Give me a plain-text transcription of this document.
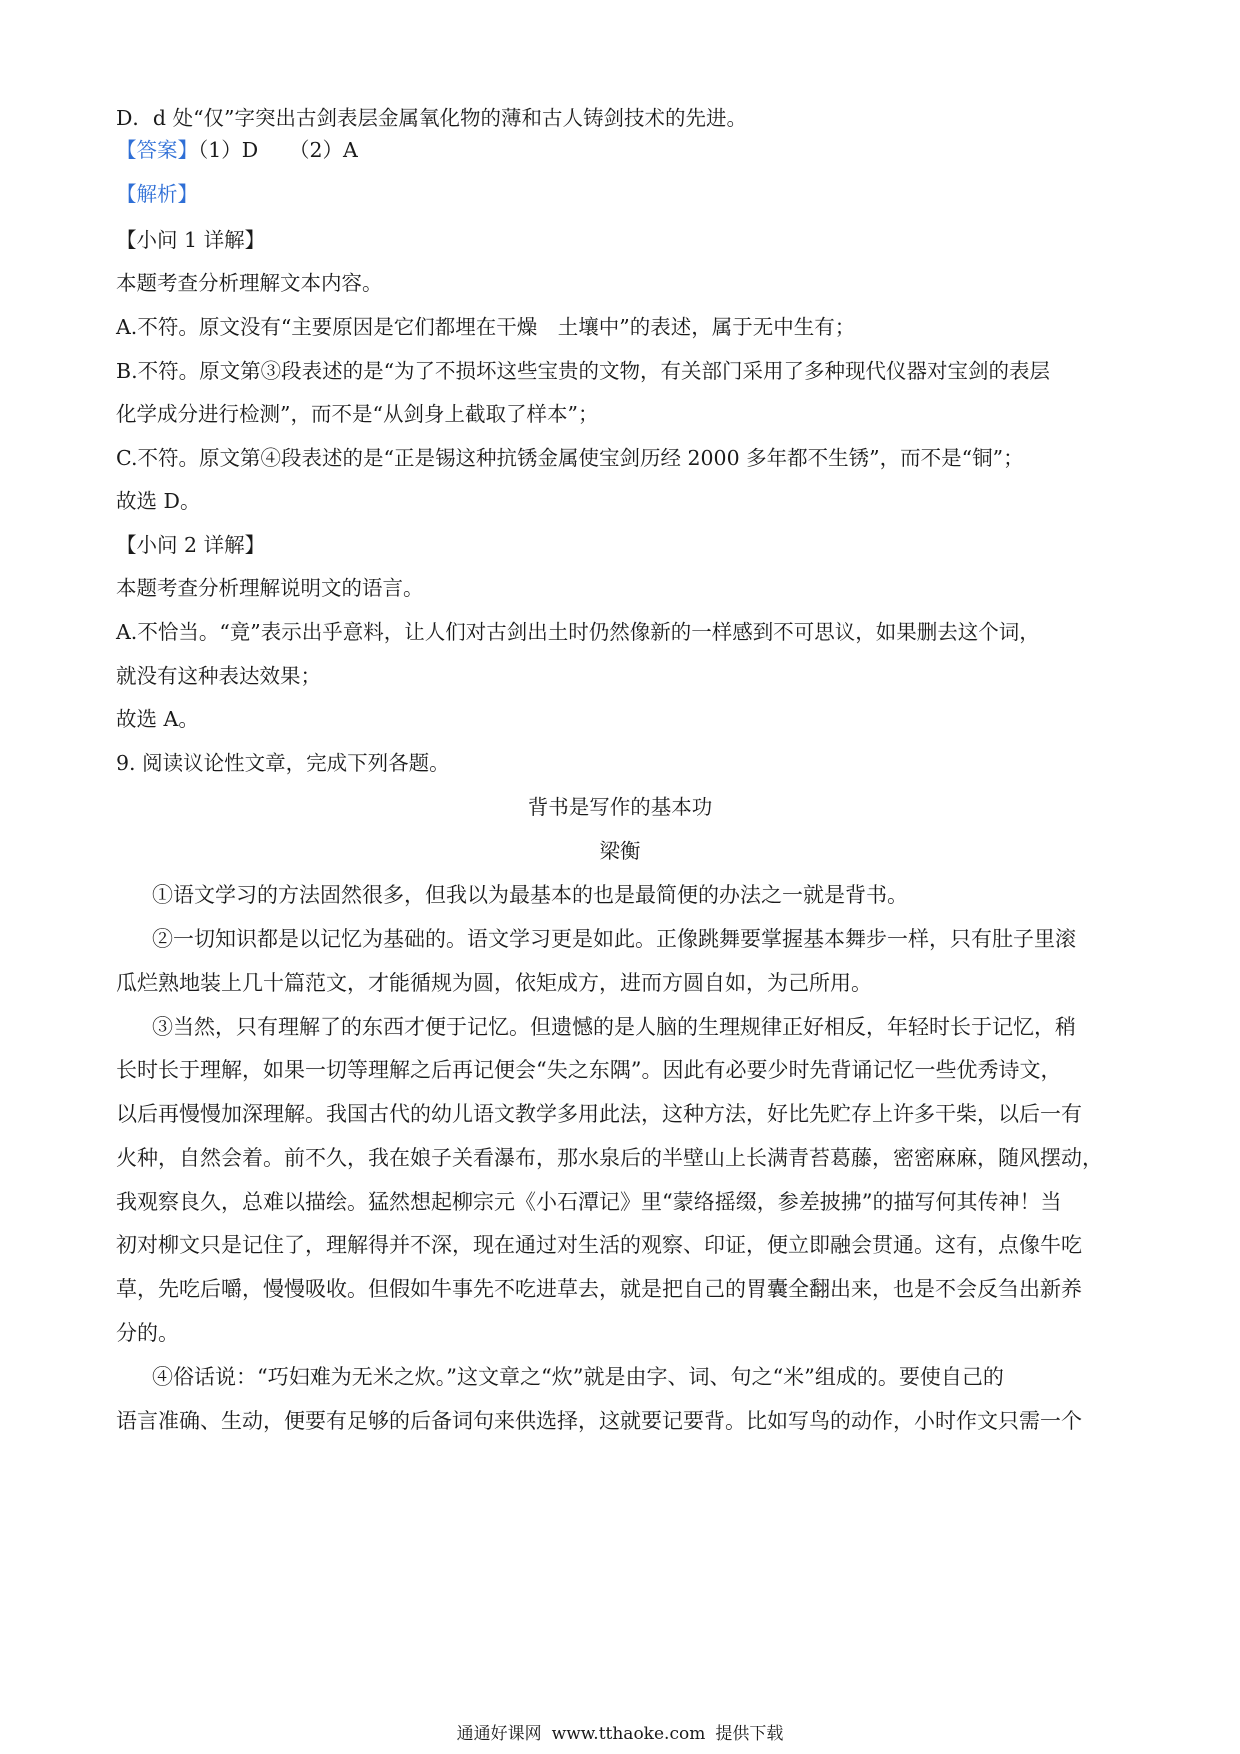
D．d 处“仅”字突出古剑表层金属氧化物的薄和古人铸剑技术的先进。
【答案】（1）D　　（2）A
【解析】
【小问 1 详解】
本题考查分析理解文本内容。
A.不符。原文没有“主要原因是它们都埋在干燥　土壤中”的表述，属于无中生有；
B.不符。原文第③段表述的是“为了不损坏这些宝贵的文物，有关部门采用了多种现代仪器对宝剑的表层
化学成分进行检测”，而不是“从剑身上截取了样本”；
C.不符。原文第④段表述的是“正是锡这种抗锈金属使宝剑历经 2000 多年都不生锈”，而不是“铜”；
故选 D。
【小问 2 详解】
本题考查分析理解说明文的语言。
A.不恰当。“竟”表示出乎意料，让人们对古剑出土时仍然像新的一样感到不可思议，如果删去这个词，
就没有这种表达效果；
故选 A。
9. 阅读议论性文章，完成下列各题。
背书是写作的基本功
梁衡
①语文学习的方法固然很多，但我以为最基本的也是最简便的办法之一就是背书。
②一切知识都是以记忆为基础的。语文学习更是如此。正像跳舞要掌握基本舞步一样，只有肚子里滚
瓜烂熟地装上几十篇范文，才能循规为圆，依矩成方，进而方圆自如，为己所用。
③当然，只有理解了的东西才便于记忆。但遗憾的是人脑的生理规律正好相反，年轻时长于记忆，稍
长时长于理解，如果一切等理解之后再记便会“失之东隅”。因此有必要少时先背诵记忆一些优秀诗文，
以后再慢慢加深理解。我国古代的幼儿语文教学多用此法，这种方法，好比先贮存上许多干柴，以后一有
火种，自然会着。前不久，我在娘子关看瀑布，那水泉后的半壁山上长满青苔葛藤，密密麻麻，随风摆动，
我观察良久，总难以描绘。猛然想起柳宗元《小石潭记》里“蒙络摇缀，参差披拂”的描写何其传神！当
初对柳文只是记住了，理解得并不深，现在通过对生活的观察、印证，便立即融会贯通。这有，点像牛吃
草，先吃后嚼，慢慢吸收。但假如牛事先不吃进草去，就是把自己的胃囊全翻出来，也是不会反刍出新养
分的。
④俗话说：“巧妇难为无米之炊。”这文章之“炊”就是由字、词、句之“米”组成的。要使自己的
语言准确、生动，便要有足够的后备词句来供选择，这就要记要背。比如写鸟的动作，小时作文只需一个
通通好课网 www.tthaoke.com 提供下载
